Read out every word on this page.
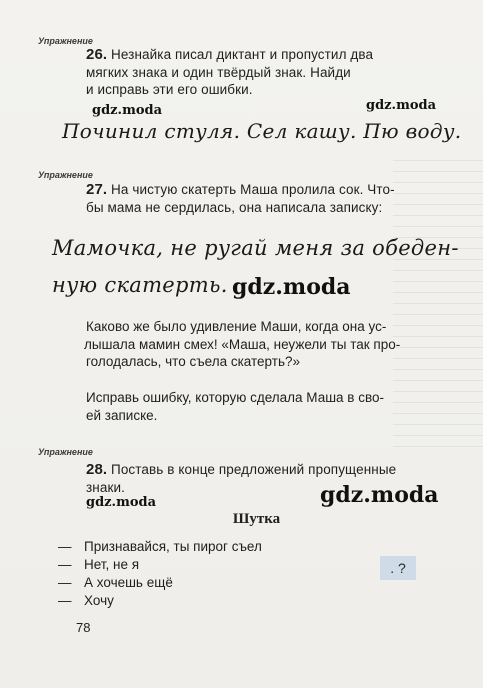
Упражнение
26. Незнайка писал диктант и пропустил два
мягких знака и один твёрдый знак. Найди
и исправь эти его ошибки.
gdz.moda	gdz.moda
Починил стуля. Сел кашу. Пю воду.
Упражнение
27. На чистую скатерть Маша пролила сок. Что-
бы мама не сердилась, она написала записку:
Мамочка, не ругай меня за обеден-
ную скатерть. gdz.moda
Каково же было удивление Маши, когда она ус-
лышала мамин смех! «Маша, неужели ты так про-
голодалась, что съела скатерть?»
Исправь ошибку, которую сделала Маша в сво-
ей записке.
Упражнение
28. Поставь в конце предложений пропущенные
знаки.
gdz.moda	gdz.moda
Шутка
— Признавайся, ты пирог съел
— Нет, не я
— А хочешь ещё
— Хочу
. ?
78
